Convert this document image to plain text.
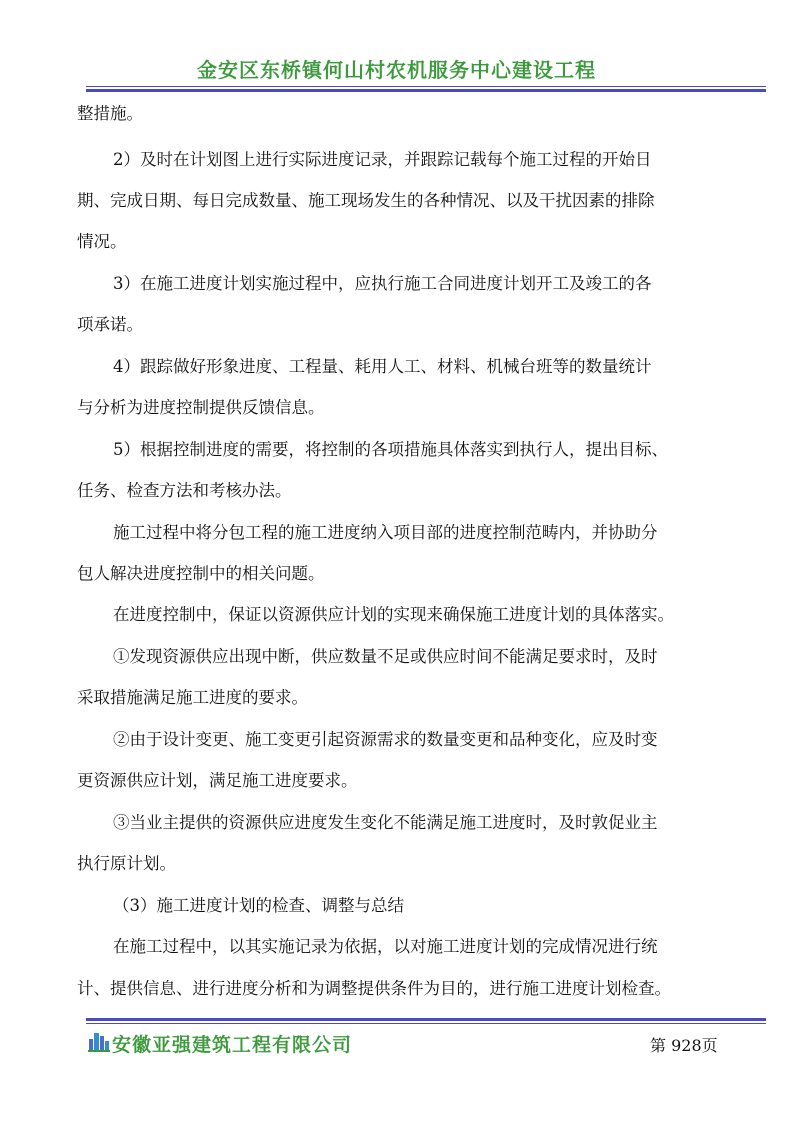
金安区东桥镇何山村农机服务中心建设工程
整措施。
2）及时在计划图上进行实际进度记录，并跟踪记载每个施工过程的开始日
期、完成日期、每日完成数量、施工现场发生的各种情况、以及干扰因素的排除
情况。
3）在施工进度计划实施过程中，应执行施工合同进度计划开工及竣工的各
项承诺。
4）跟踪做好形象进度、工程量、耗用人工、材料、机械台班等的数量统计
与分析为进度控制提供反馈信息。
5）根据控制进度的需要，将控制的各项措施具体落实到执行人，提出目标、
任务、检查方法和考核办法。
施工过程中将分包工程的施工进度纳入项目部的进度控制范畴内，并协助分
包人解决进度控制中的相关问题。
在进度控制中，保证以资源供应计划的实现来确保施工进度计划的具体落实。
①发现资源供应出现中断，供应数量不足或供应时间不能满足要求时，及时
采取措施满足施工进度的要求。
②由于设计变更、施工变更引起资源需求的数量变更和品种变化，应及时变
更资源供应计划，满足施工进度要求。
③当业主提供的资源供应进度发生变化不能满足施工进度时，及时敦促业主
执行原计划。
（3）施工进度计划的检查、调整与总结
在施工过程中，以其实施记录为依据，以对施工进度计划的完成情况进行统
计、提供信息、进行进度分析和为调整提供条件为目的，进行施工进度计划检查。
安徽亚强建筑工程有限公司	第 928页
